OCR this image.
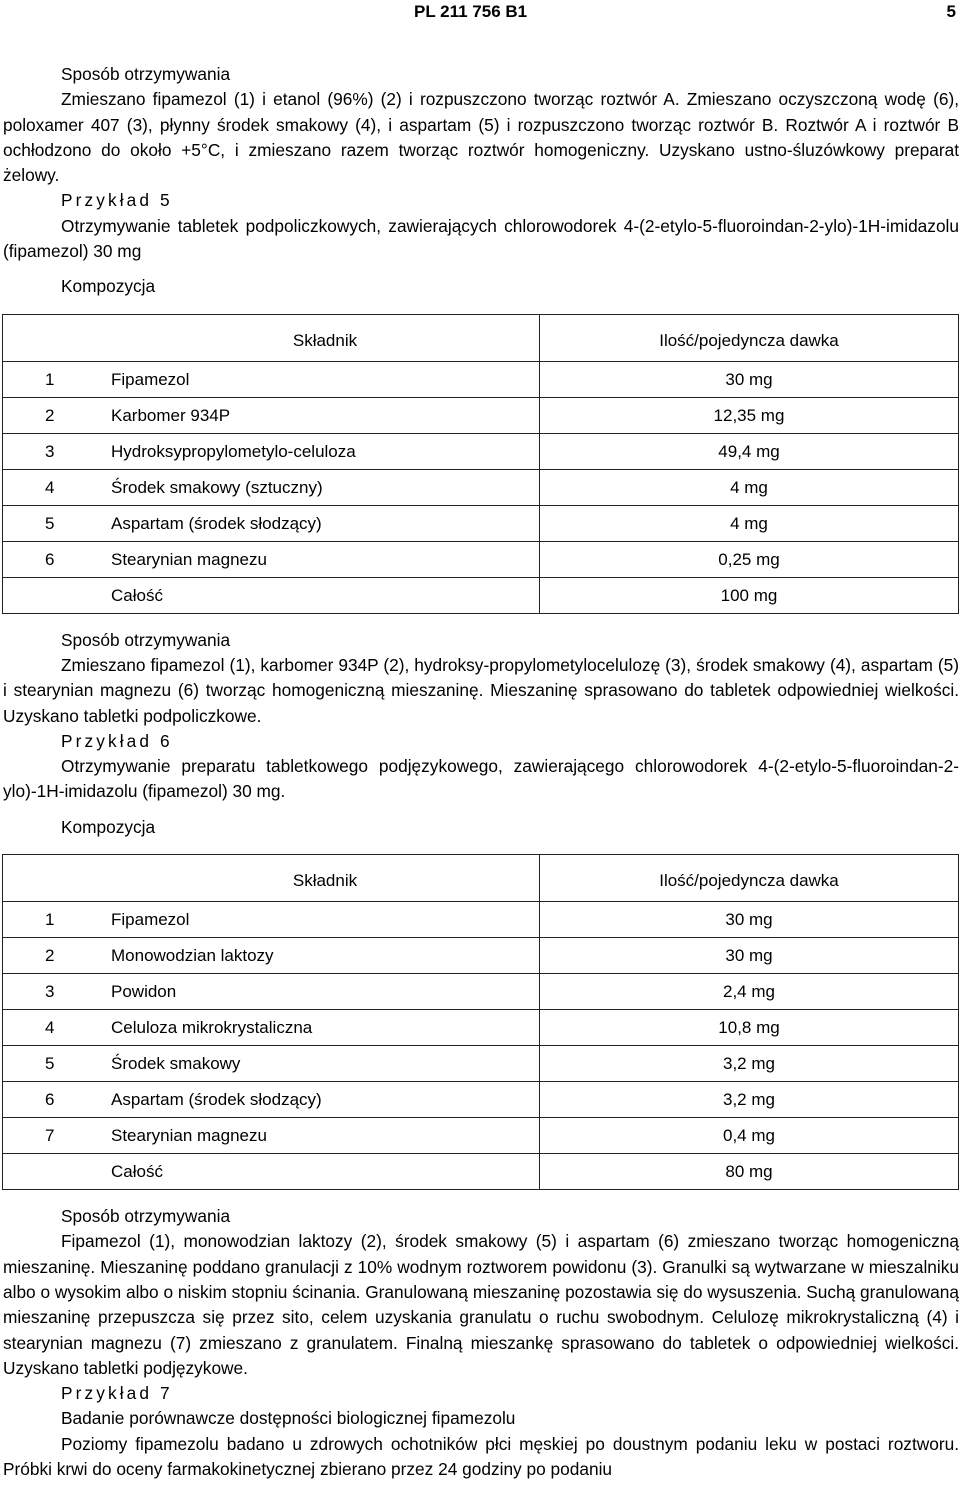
PL 211 756 B1	5

Sposób otrzymywania

Zmieszano fipamezol (1) i etanol (96%) (2) i rozpuszczono tworząc roztwór A. Zmieszano oczyszczoną wodę (6), poloxamer 407 (3), płynny środek smakowy (4), i aspartam (5) i rozpuszczono tworząc roztwór B. Roztwór A i roztwór B ochłodzono do około +5°C, i zmieszano razem tworząc roztwór homogeniczny. Uzyskano ustno-śluzówkowy preparat żelowy.

Przykład 5

Otrzymywanie tabletek podpoliczkowych, zawierających chlorowodorek 4-(2-etylo-5-fluoroindan-2-ylo)-1H-imidazolu (fipamezol) 30 mg

Kompozycja

	Składnik	Ilość/pojedyncza dawka
1	Fipamezol	30 mg
2	Karbomer 934P	12,35 mg
3	Hydroksypropylometylo-celuloza	49,4 mg
4	Środek smakowy (sztuczny)	4 mg
5	Aspartam (środek słodzący)	4 mg
6	Stearynian magnezu	0,25 mg
	Całość	100 mg

Sposób otrzymywania

Zmieszano fipamezol (1), karbomer 934P (2), hydroksy-propylometylocelulozę (3), środek smakowy (4), aspartam (5) i stearynian magnezu (6) tworząc homogeniczną mieszaninę. Mieszaninę sprasowano do tabletek odpowiedniej wielkości. Uzyskano tabletki podpoliczkowe.

Przykład 6

Otrzymywanie preparatu tabletkowego podjęzykowego, zawierającego chlorowodorek 4-(2-etylo-5-fluoroindan-2-ylo)-1H-imidazolu (fipamezol) 30 mg.

Kompozycja

	Składnik	Ilość/pojedyncza dawka
1	Fipamezol	30 mg
2	Monowodzian laktozy	30 mg
3	Powidon	2,4 mg
4	Celuloza mikrokrystaliczna	10,8 mg
5	Środek smakowy	3,2 mg
6	Aspartam (środek słodzący)	3,2 mg
7	Stearynian magnezu	0,4 mg
	Całość	80 mg

Sposób otrzymywania

Fipamezol (1), monowodzian laktozy (2), środek smakowy (5) i aspartam (6) zmieszano tworząc homogeniczną mieszaninę. Mieszaninę poddano granulacji z 10% wodnym roztworem powidonu (3). Granulki są wytwarzane w mieszalniku albo o wysokim albo o niskim stopniu ścinania. Granulowaną mieszaninę pozostawia się do wysuszenia. Suchą granulowaną mieszaninę przepuszcza się przez sito, celem uzyskania granulatu o ruchu swobodnym. Celulozę mikrokrystaliczną (4) i stearynian magnezu (7) zmieszano z granulatem. Finalną mieszankę sprasowano do tabletek o odpowiedniej wielkości. Uzyskano tabletki podjęzykowe.

Przykład 7

Badanie porównawcze dostępności biologicznej fipamezolu

Poziomy fipamezolu badano u zdrowych ochotników płci męskiej po doustnym podaniu leku w postaci roztworu. Próbki krwi do oceny farmakokinetycznej zbierano przez 24 godziny po podaniu
